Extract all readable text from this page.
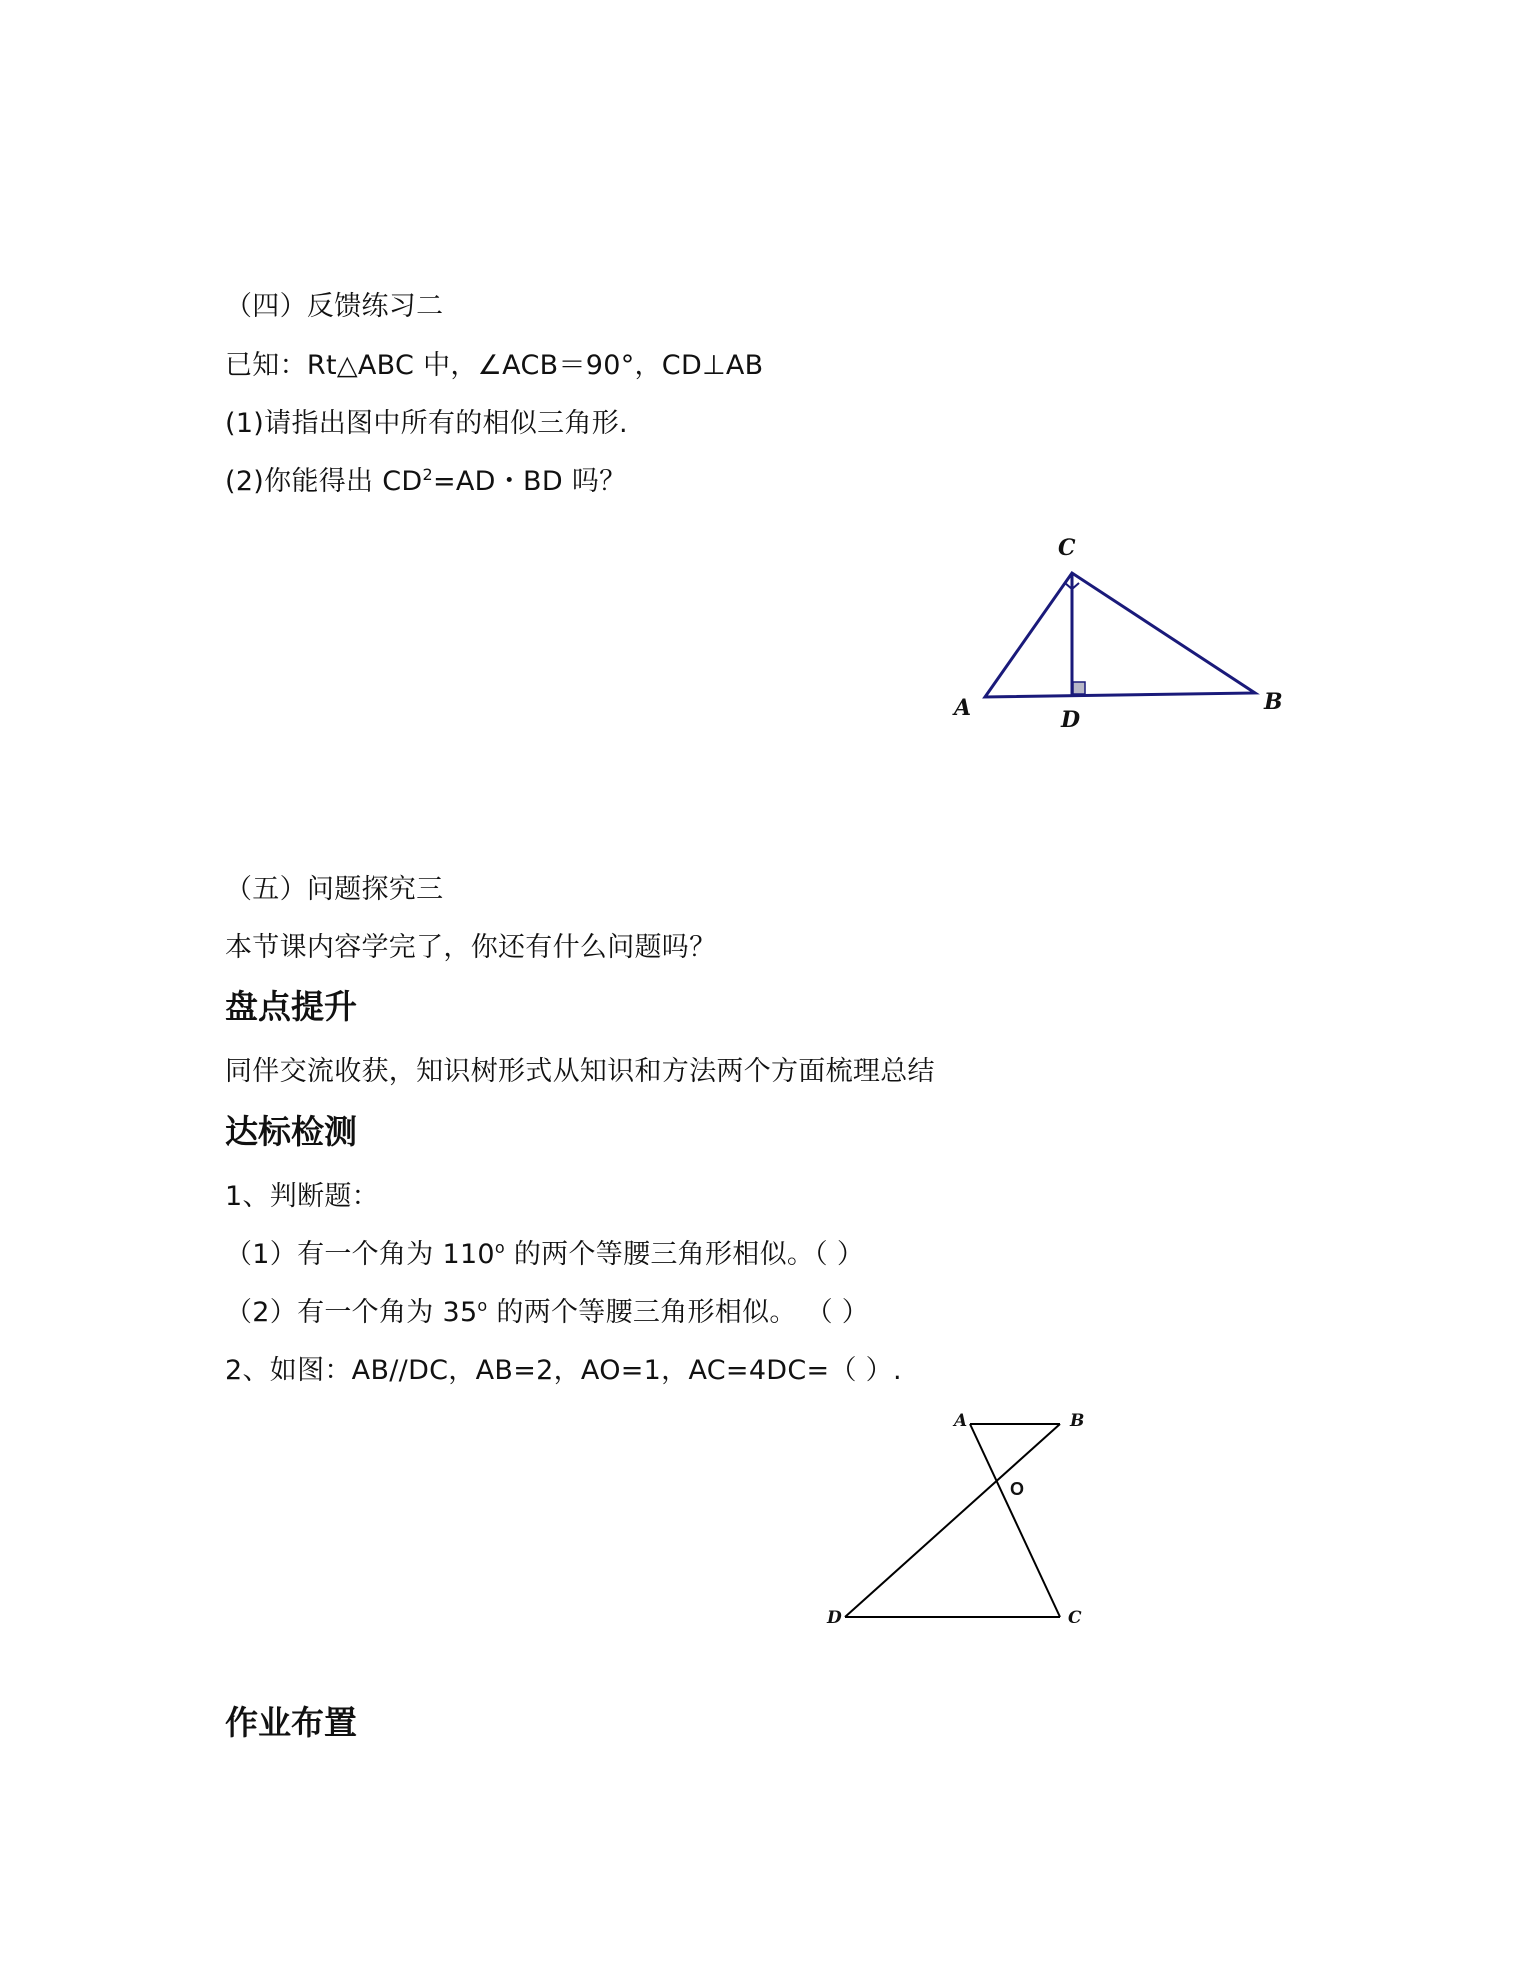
（四）反馈练习二
已知：Rt△ABC 中，∠ACB＝90°，CD⊥AB
(1)请指出图中所有的相似三角形.
(2)你能得出 $CD^2=AD$・BD 吗？
C
A	B
D
（五）问题探究三
本节课内容学完了，你还有什么问题吗？
盘点提升
同伴交流收获，知识树形式从知识和方法两个方面梳理总结
达标检测
1、判断题：
（1）有一个角为 110$^o$ 的两个等腰三角形相似。（ ）
（2）有一个角为 35$^o$ 的两个等腰三角形相似。 （ ）
2、如图：AB//DC，AB=2，AO=1，AC=4DC=（ ）.
A	B
O
D	C
作业布置
